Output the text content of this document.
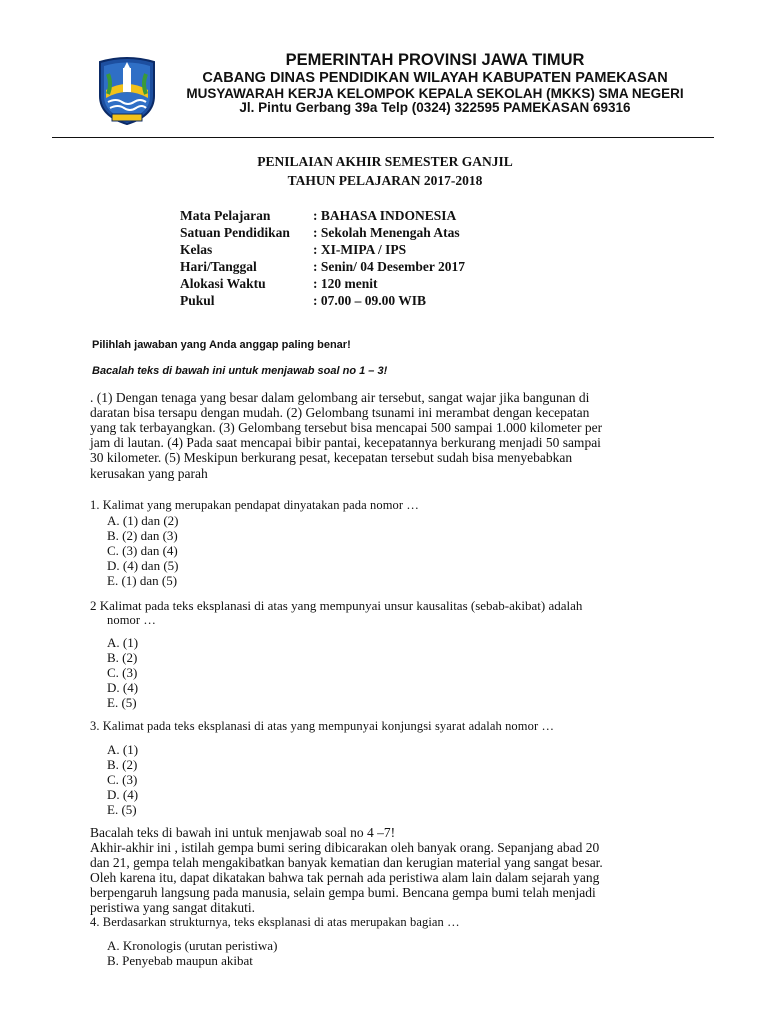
PEMERINTAH PROVINSI JAWA TIMUR
CABANG DINAS PENDIDIKAN WILAYAH KABUPATEN PAMEKASAN
MUSYAWARAH KERJA KELOMPOK KEPALA SEKOLAH (MKKS) SMA NEGERI
Jl. Pintu Gerbang 39a Telp (0324) 322595 PAMEKASAN 69316
PENILAIAN AKHIR SEMESTER GANJIL
TAHUN PELAJARAN 2017-2018
Mata Pelajaran	: BAHASA INDONESIA
Satuan Pendidikan : Sekolah Menengah Atas
Kelas	: XI-MIPA / IPS
Hari/Tanggal	: Senin/ 04 Desember 2017
Alokasi Waktu	: 120 menit
Pukul	: 07.00 – 09.00 WIB
Pilihlah jawaban yang Anda anggap paling benar!
Bacalah teks di bawah ini untuk menjawab soal no 1 – 3!
. (1) Dengan tenaga yang besar dalam gelombang air tersebut, sangat wajar jika bangunan di
daratan bisa tersapu dengan mudah. (2) Gelombang tsunami ini merambat dengan kecepatan
yang tak terbayangkan. (3) Gelombang tersebut bisa mencapai 500 sampai 1.000 kilometer per
jam di lautan. (4) Pada saat mencapai bibir pantai, kecepatannya berkurang menjadi 50 sampai
30 kilometer. (5) Meskipun berkurang pesat, kecepatan tersebut sudah bisa menyebabkan
kerusakan yang parah
1. Kalimat yang merupakan pendapat dinyatakan pada nomor …
A. (1) dan (2)
B. (2) dan (3)
C. (3) dan (4)
D. (4) dan (5)
E. (1) dan (5)
2 Kalimat pada teks eksplanasi di atas yang mempunyai unsur kausalitas (sebab-akibat) adalah
nomor …
A. (1)
B. (2)
C. (3)
D. (4)
E. (5)
3. Kalimat pada teks eksplanasi di atas yang mempunyai konjungsi syarat adalah nomor …
A. (1)
B. (2)
C. (3)
D. (4)
E. (5)
Bacalah teks di bawah ini untuk menjawab soal no 4 –7!
Akhir-akhir ini , istilah gempa bumi sering dibicarakan oleh banyak orang. Sepanjang abad 20
dan 21, gempa telah mengakibatkan banyak kematian dan kerugian material yang sangat besar.
Oleh karena itu, dapat dikatakan bahwa tak pernah ada peristiwa alam lain dalam sejarah yang
berpengaruh langsung pada manusia, selain gempa bumi. Bencana gempa bumi telah menjadi
peristiwa yang sangat ditakuti.
4. Berdasarkan strukturnya, teks eksplanasi di atas merupakan bagian …
A. Kronologis (urutan peristiwa)
B. Penyebab maupun akibat
